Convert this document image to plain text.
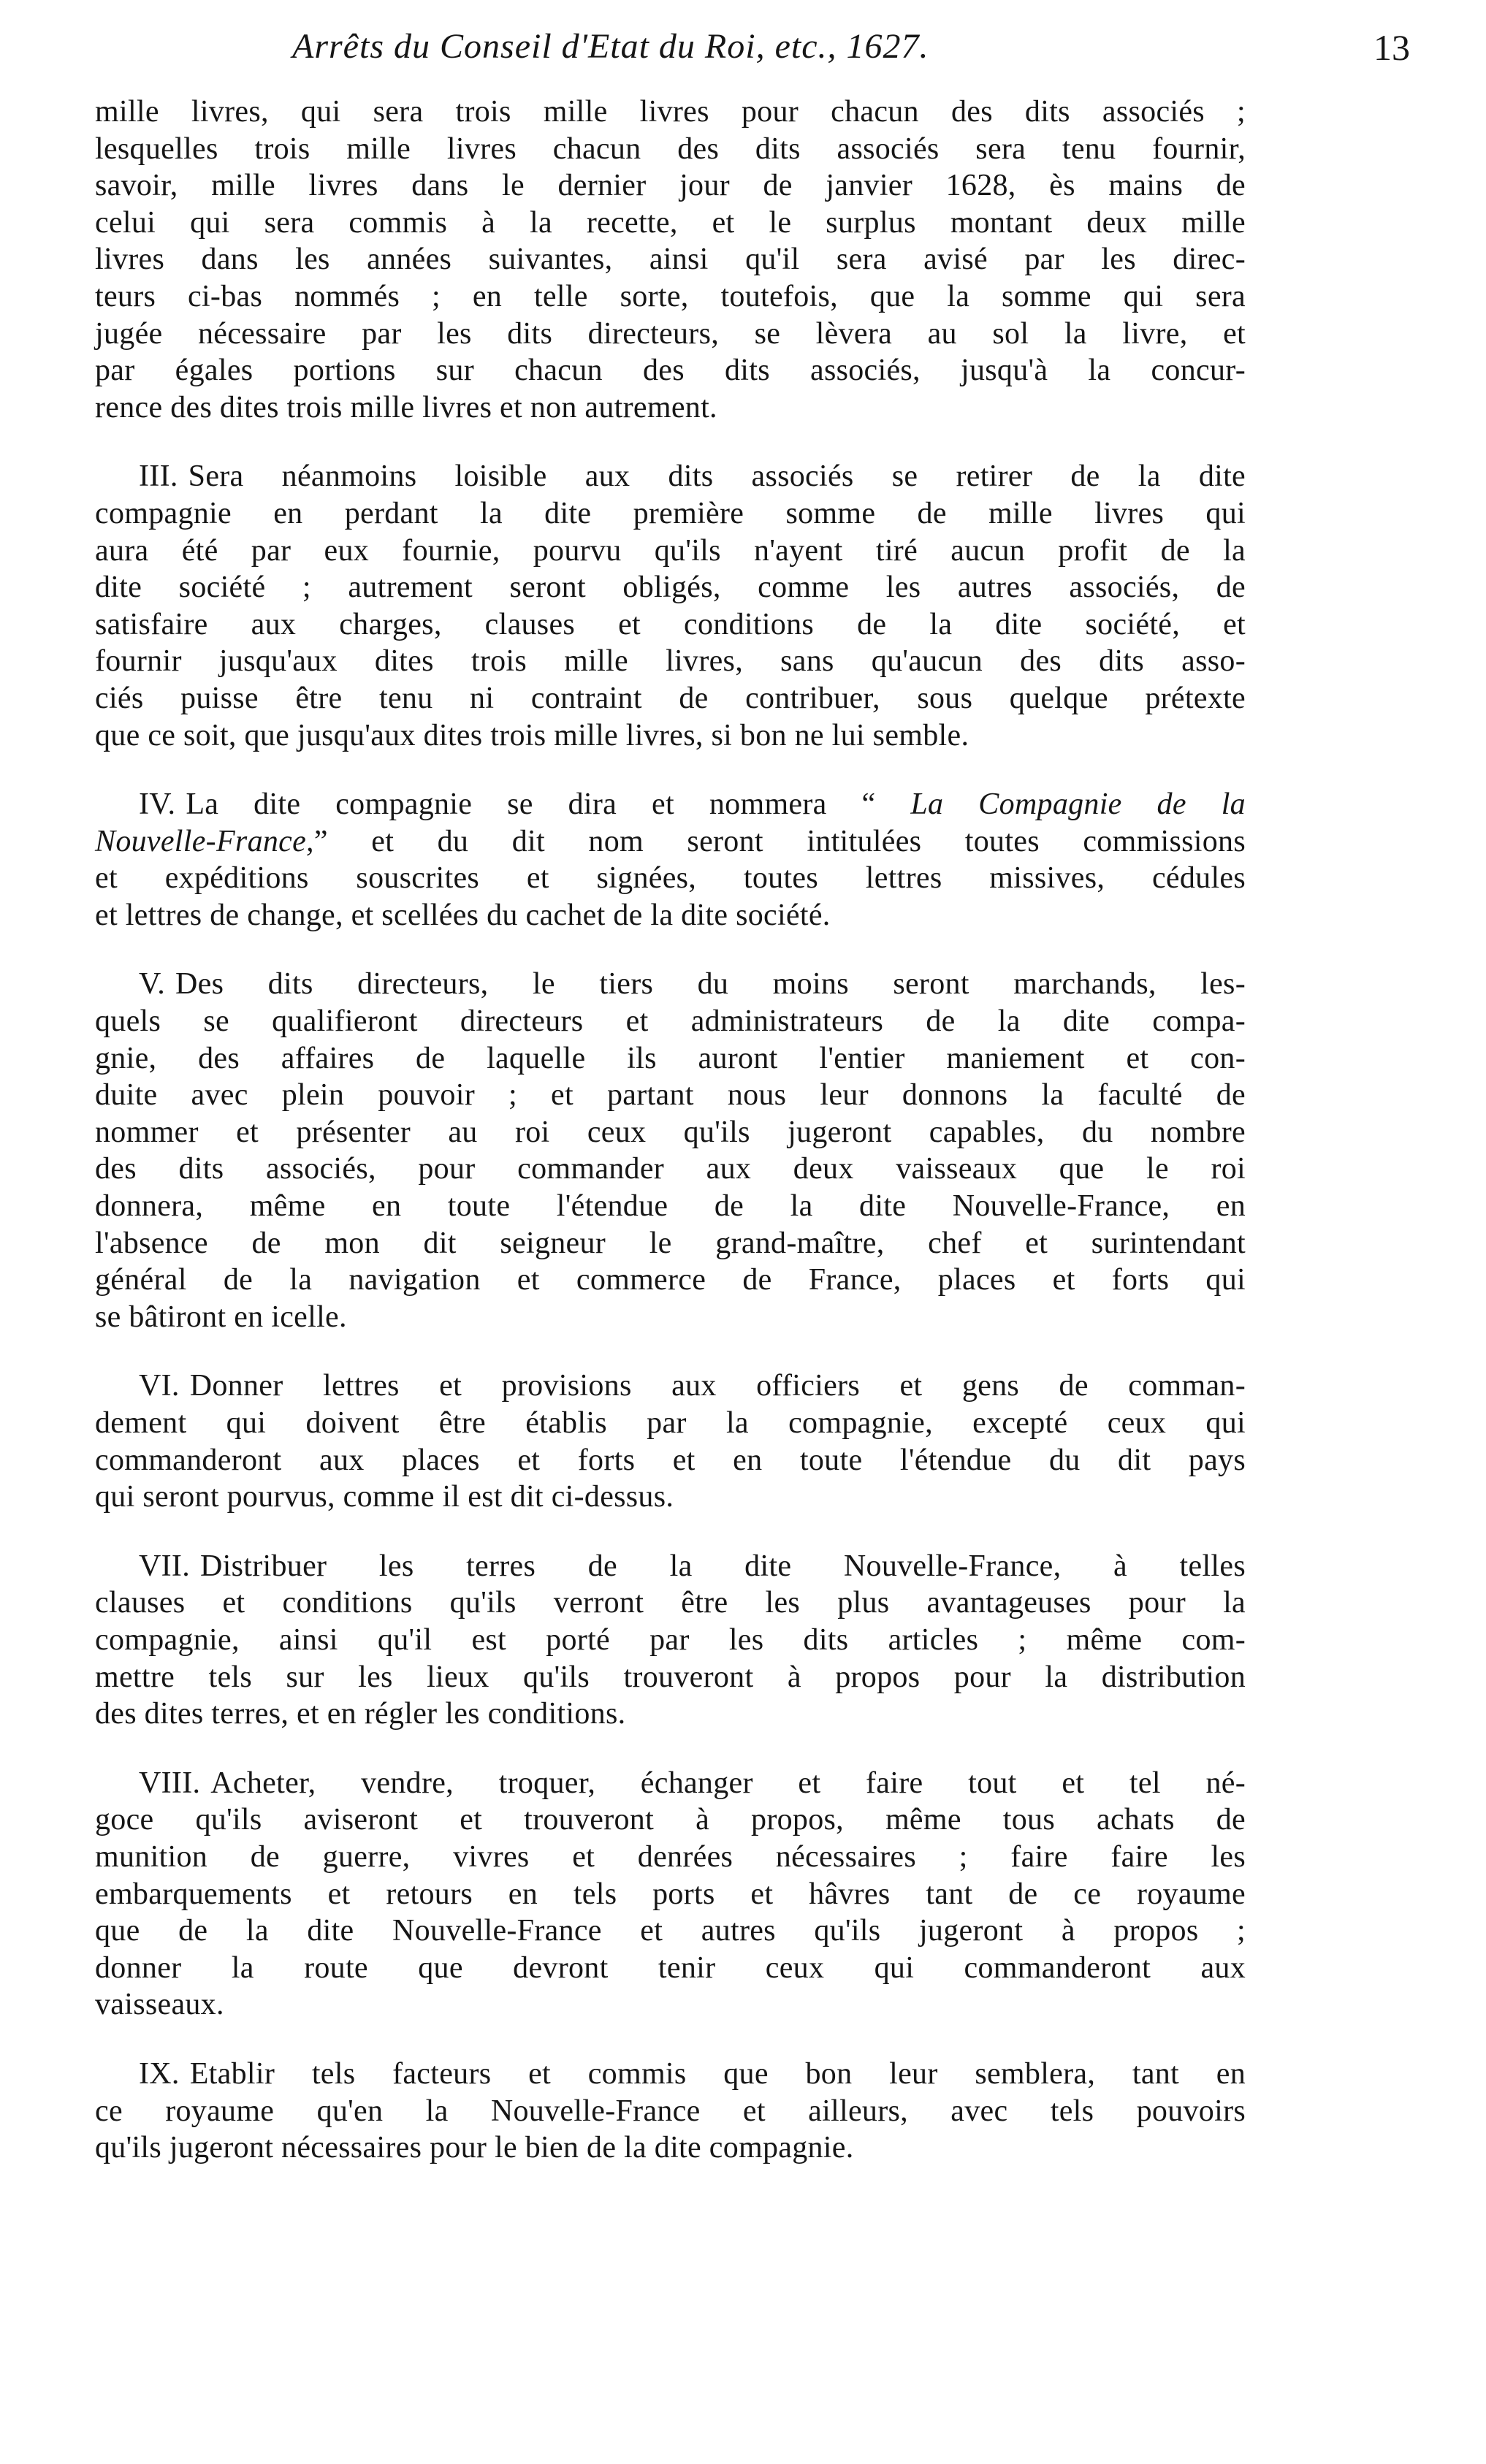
Arrêts du Conseil d'Etat du Roi, etc., 1627.	13
mille livres, qui sera trois mille livres pour chacun des dits associés ;
lesquelles trois mille livres chacun des dits associés sera tenu fournir,
savoir, mille livres dans le dernier jour de janvier 1628, ès mains de
celui qui sera commis à la recette, et le surplus montant deux mille
livres dans les années suivantes, ainsi qu'il sera avisé par les direc-
teurs ci-bas nommés ; en telle sorte, toutefois, que la somme qui sera
jugée nécessaire par les dits directeurs, se lèvera au sol la livre, et
par égales portions sur chacun des dits associés, jusqu'à la concur-
rence des dites trois mille livres et non autrement.
III. Sera néanmoins loisible aux dits associés se retirer de la dite
compagnie en perdant la dite première somme de mille livres qui
aura été par eux fournie, pourvu qu'ils n'ayent tiré aucun profit de la
dite société ; autrement seront obligés, comme les autres associés, de
satisfaire aux charges, clauses et conditions de la dite société, et
fournir jusqu'aux dites trois mille livres, sans qu'aucun des dits asso-
ciés puisse être tenu ni contraint de contribuer, sous quelque prétexte
que ce soit, que jusqu'aux dites trois mille livres, si bon ne lui semble.
IV. La dite compagnie se dira et nommera “ La Compagnie de la
Nouvelle-France,” et du dit nom seront intitulées toutes commissions
et expéditions souscrites et signées, toutes lettres missives, cédules
et lettres de change, et scellées du cachet de la dite société.
V. Des dits directeurs, le tiers du moins seront marchands, les-
quels se qualifieront directeurs et administrateurs de la dite compa-
gnie, des affaires de laquelle ils auront l'entier maniement et con-
duite avec plein pouvoir ; et partant nous leur donnons la faculté de
nommer et présenter au roi ceux qu'ils jugeront capables, du nombre
des dits associés, pour commander aux deux vaisseaux que le roi
donnera, même en toute l'étendue de la dite Nouvelle-France, en
l'absence de mon dit seigneur le grand-maître, chef et surintendant
général de la navigation et commerce de France, places et forts qui
se bâtiront en icelle.
VI. Donner lettres et provisions aux officiers et gens de comman-
dement qui doivent être établis par la compagnie, excepté ceux qui
commanderont aux places et forts et en toute l'étendue du dit pays
qui seront pourvus, comme il est dit ci-dessus.
VII. Distribuer les terres de la dite Nouvelle-France, à telles
clauses et conditions qu'ils verront être les plus avantageuses pour la
compagnie, ainsi qu'il est porté par les dits articles ; même com-
mettre tels sur les lieux qu'ils trouveront à propos pour la distribution
des dites terres, et en régler les conditions.
VIII. Acheter, vendre, troquer, échanger et faire tout et tel né-
goce qu'ils aviseront et trouveront à propos, même tous achats de
munition de guerre, vivres et denrées nécessaires ; faire faire les
embarquements et retours en tels ports et hâvres tant de ce royaume
que de la dite Nouvelle-France et autres qu'ils jugeront à propos ;
donner la route que devront tenir ceux qui commanderont aux
vaisseaux.
IX. Etablir tels facteurs et commis que bon leur semblera, tant en
ce royaume qu'en la Nouvelle-France et ailleurs, avec tels pouvoirs
qu'ils jugeront nécessaires pour le bien de la dite compagnie.
